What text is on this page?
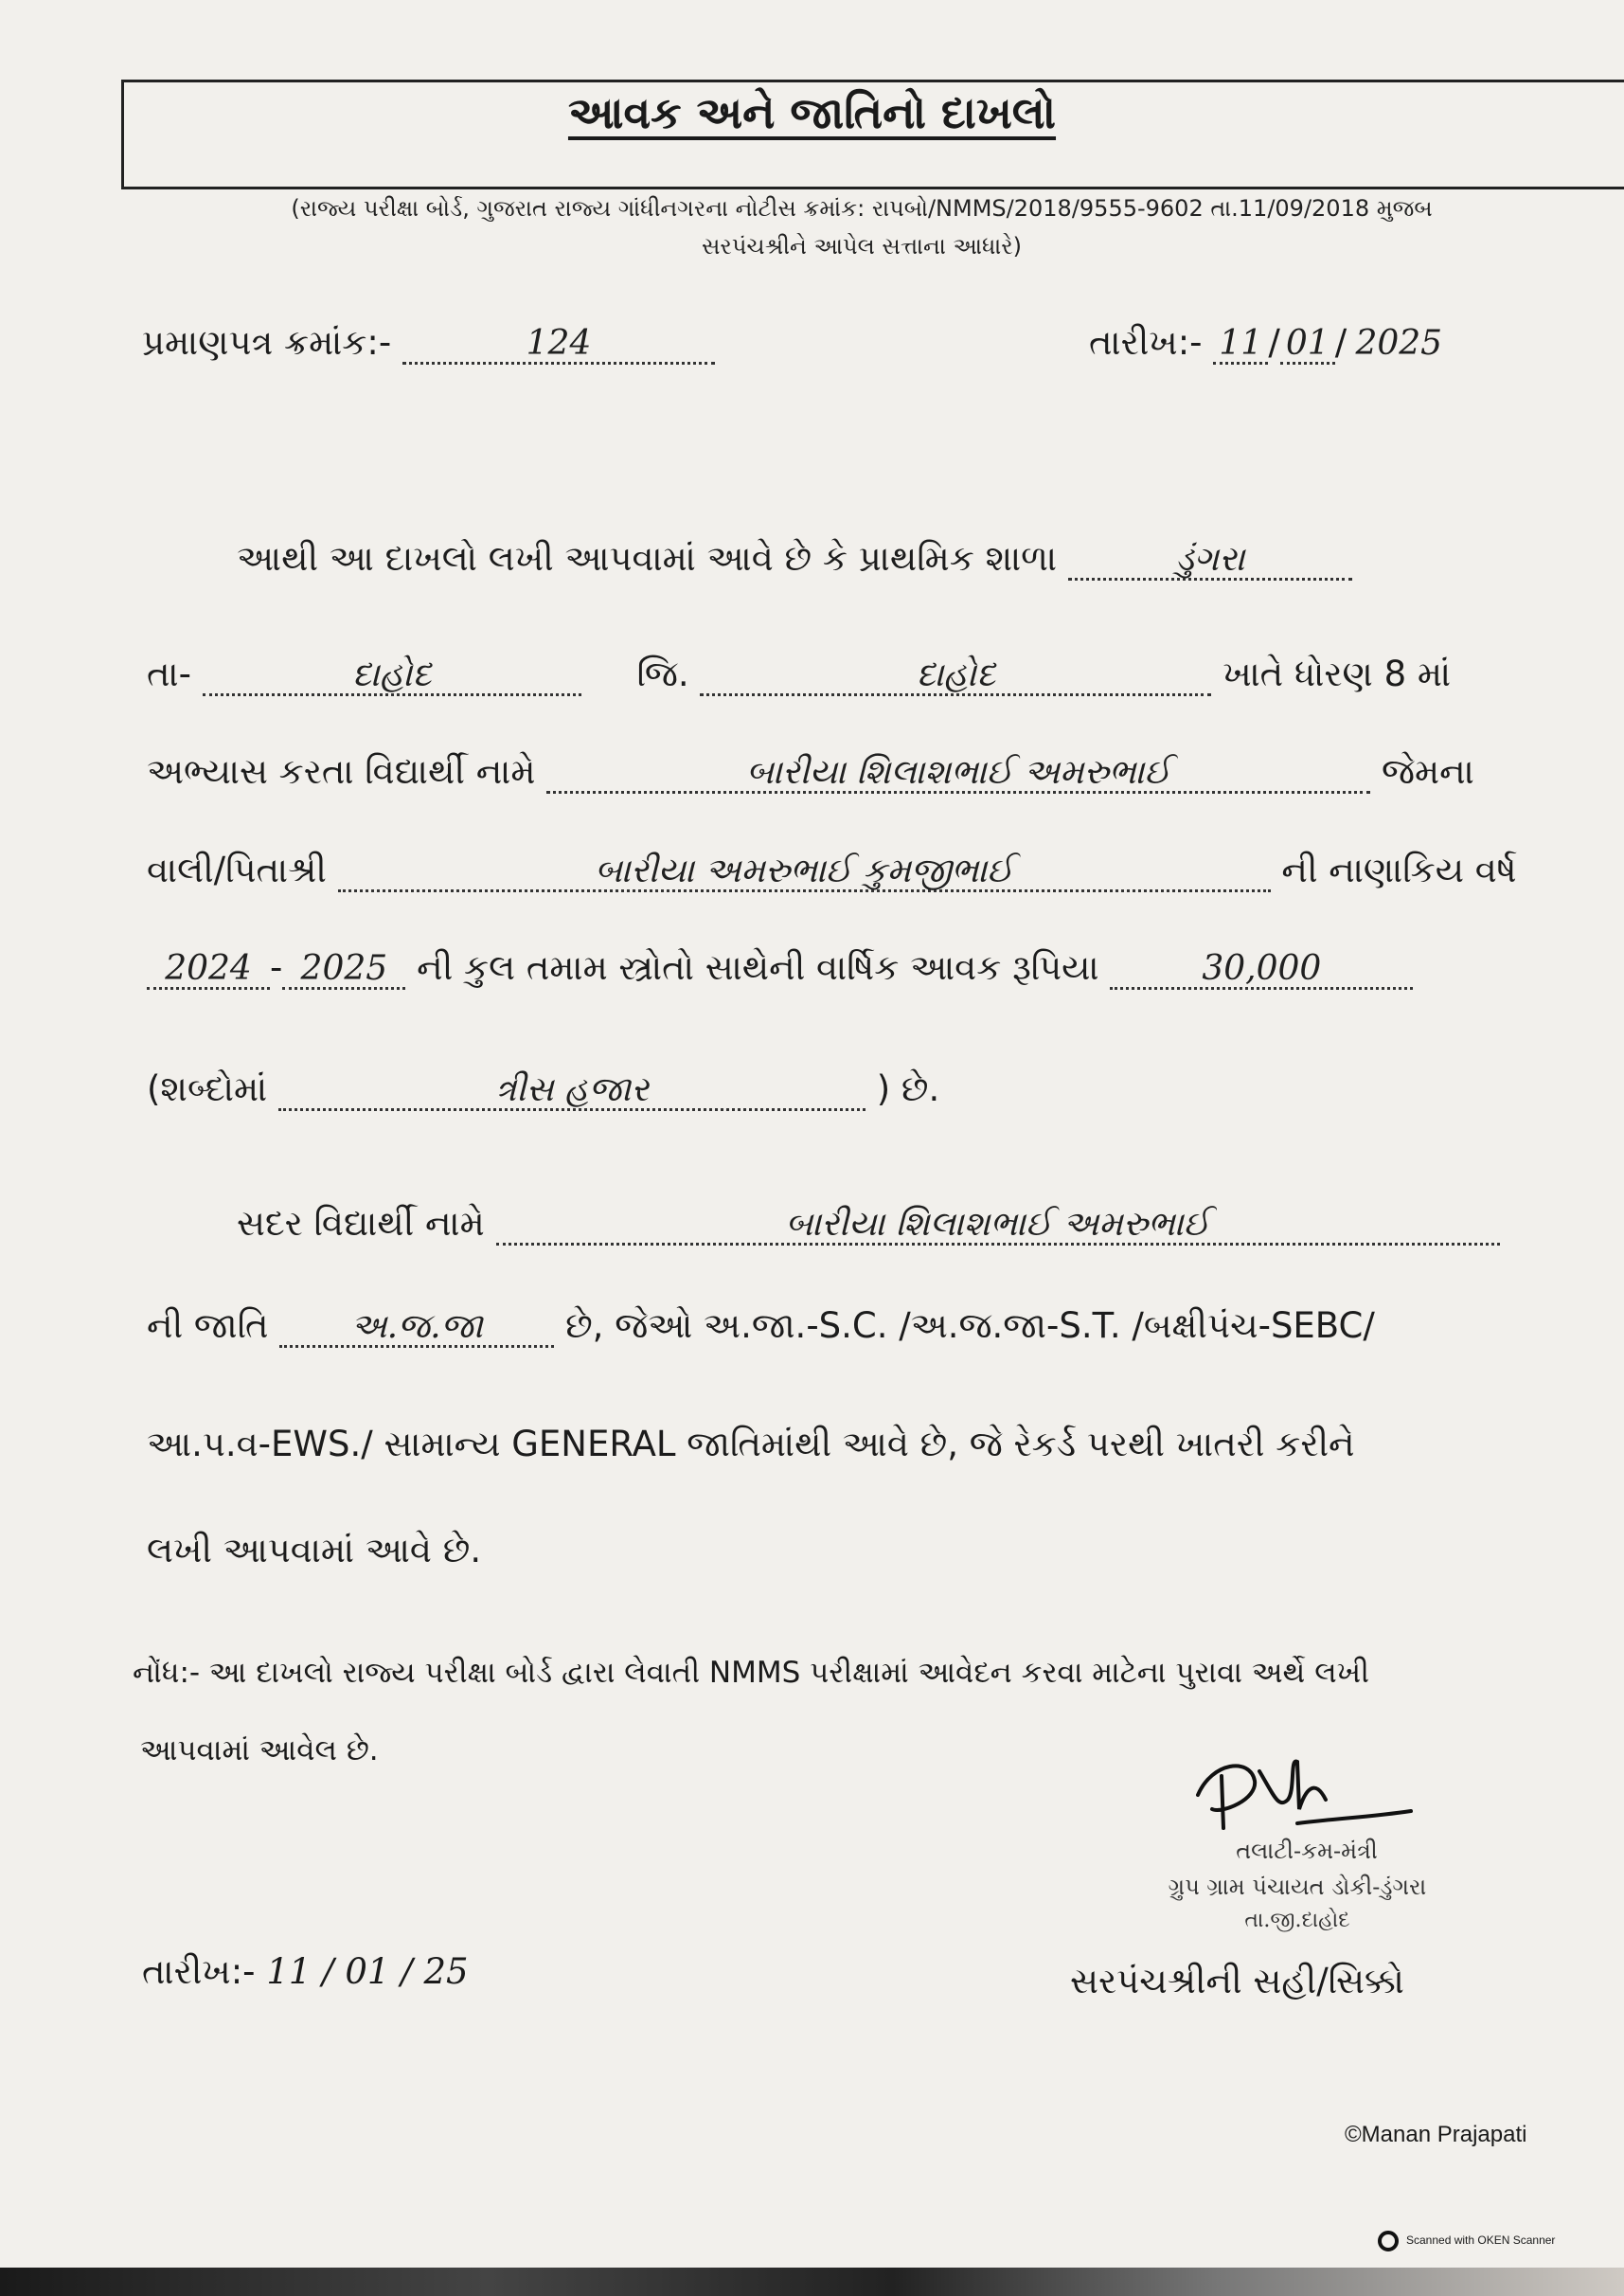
આવક અને જાતિનો દાખલો
(રાજ્ય પરીક્ષા બોર્ડ, ગુજરાત રાજ્ય ગાંધીનગરના નોટીસ ક્રમાંક: રાપબો/NMMS/2018/9555-9602 તા.11/09/2018 મુજબ
સરપંચશ્રીને આપેલ સત્તાના આધારે)
પ્રમાણપત્ર ક્રમાંક:-	124	તારીખ:- 11 / 01 / 2025
આથી આ દાખલો લખી આપવામાં આવે છે કે પ્રાથમિક શાળા	ડુંગરા
તા-	દાહોદ	જિ.	દાહોદ	ખાતે ધોરણ 8 માં
અભ્યાસ કરતા વિદ્યાર્થી નામે	બારીયા શિલાશભાઈ અમરુભાઈ	જેમના
વાલી/પિતાશ્રી	બારીયા અમરુભાઈ કુમજીભાઈ	ની નાણાકિય વર્ષ
2024 - 2025 ની કુલ તમામ સ્ત્રોતો સાથેની વાર્ષિક આવક રૂપિયા	30,000
(શબ્દોમાં	ત્રીસ હજાર	) છે.
સદર વિદ્યાર્થી નામે	બારીયા શિલાશભાઈ અમરુભાઈ
ની જાતિ અ.જ.જા છે, જેઓ અ.જા.-S.C. /અ.જ.જા-S.T. /બક્ષીપંચ-SEBC/
આ.પ.વ-EWS./ સામાન્ય GENERAL જાતિમાંથી આવે છે, જે રેકર્ડ પરથી ખાતરી કરીને
લખી આપવામાં આવે છે.
નોંધ:- આ દાખલો રાજ્ય પરીક્ષા બોર્ડ દ્વારા લેવાતી NMMS પરીક્ષામાં આવેદન કરવા માટેના પુરાવા અર્થે લખી
આપવામાં આવેલ છે.
તલાટી-કમ-મંત્રી
ગ્રુપ ગ્રામ પંચાયત ડોકી-ડુંગરા
તા.જી.દાહોદ
તારીખ:- 11 / 01 / 25	સરપંચશ્રીની સહી/સિક્કો
©Manan Prajapati
Scanned with OKEN Scanner
